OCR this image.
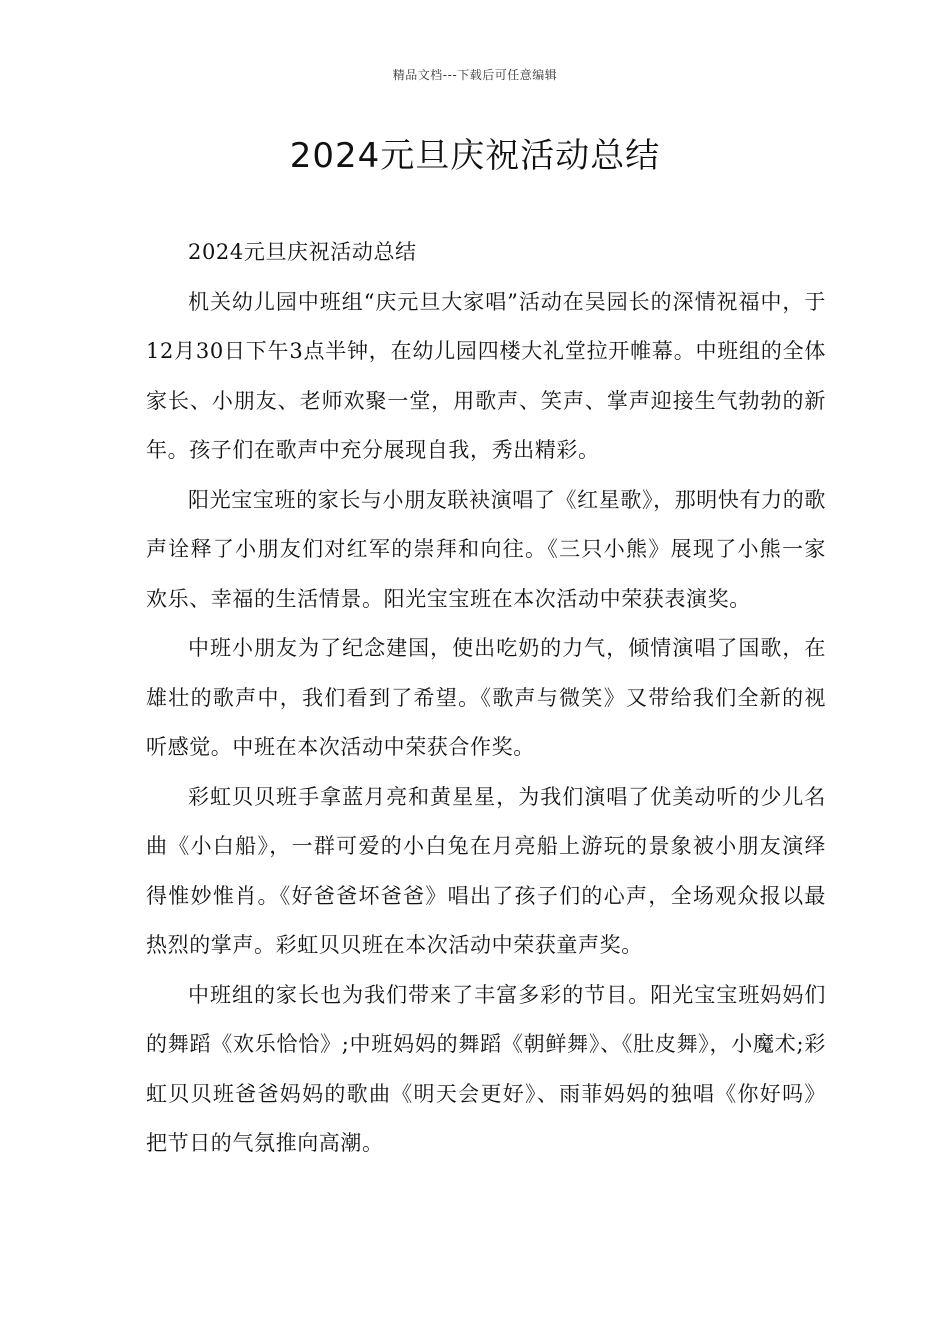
精品文档---下载后可任意编辑
2024元旦庆祝活动总结

2024元旦庆祝活动总结

机关幼儿园中班组“庆元旦大家唱”活动在吴园长的深情祝福中，于12月30日下午3点半钟，在幼儿园四楼大礼堂拉开帷幕。中班组的全体家长、小朋友、老师欢聚一堂，用歌声、笑声、掌声迎接生气勃勃的新年。孩子们在歌声中充分展现自我，秀出精彩。

阳光宝宝班的家长与小朋友联袂演唱了《红星歌》，那明快有力的歌声诠释了小朋友们对红军的崇拜和向往。《三只小熊》展现了小熊一家欢乐、幸福的生活情景。阳光宝宝班在本次活动中荣获表演奖。

中班小朋友为了纪念建国，使出吃奶的力气，倾情演唱了国歌，在雄壮的歌声中，我们看到了希望。《歌声与微笑》又带给我们全新的视听感觉。中班在本次活动中荣获合作奖。

彩虹贝贝班手拿蓝月亮和黄星星，为我们演唱了优美动听的少儿名曲《小白船》，一群可爱的小白兔在月亮船上游玩的景象被小朋友演绎得惟妙惟肖。《好爸爸坏爸爸》唱出了孩子们的心声，全场观众报以最热烈的掌声。彩虹贝贝班在本次活动中荣获童声奖。

中班组的家长也为我们带来了丰富多彩的节目。阳光宝宝班妈妈们的舞蹈《欢乐恰恰》;中班妈妈的舞蹈《朝鲜舞》、《肚皮舞》，小魔术;彩虹贝贝班爸爸妈妈的歌曲《明天会更好》、雨菲妈妈的独唱《你好吗》把节日的气氛推向高潮。
